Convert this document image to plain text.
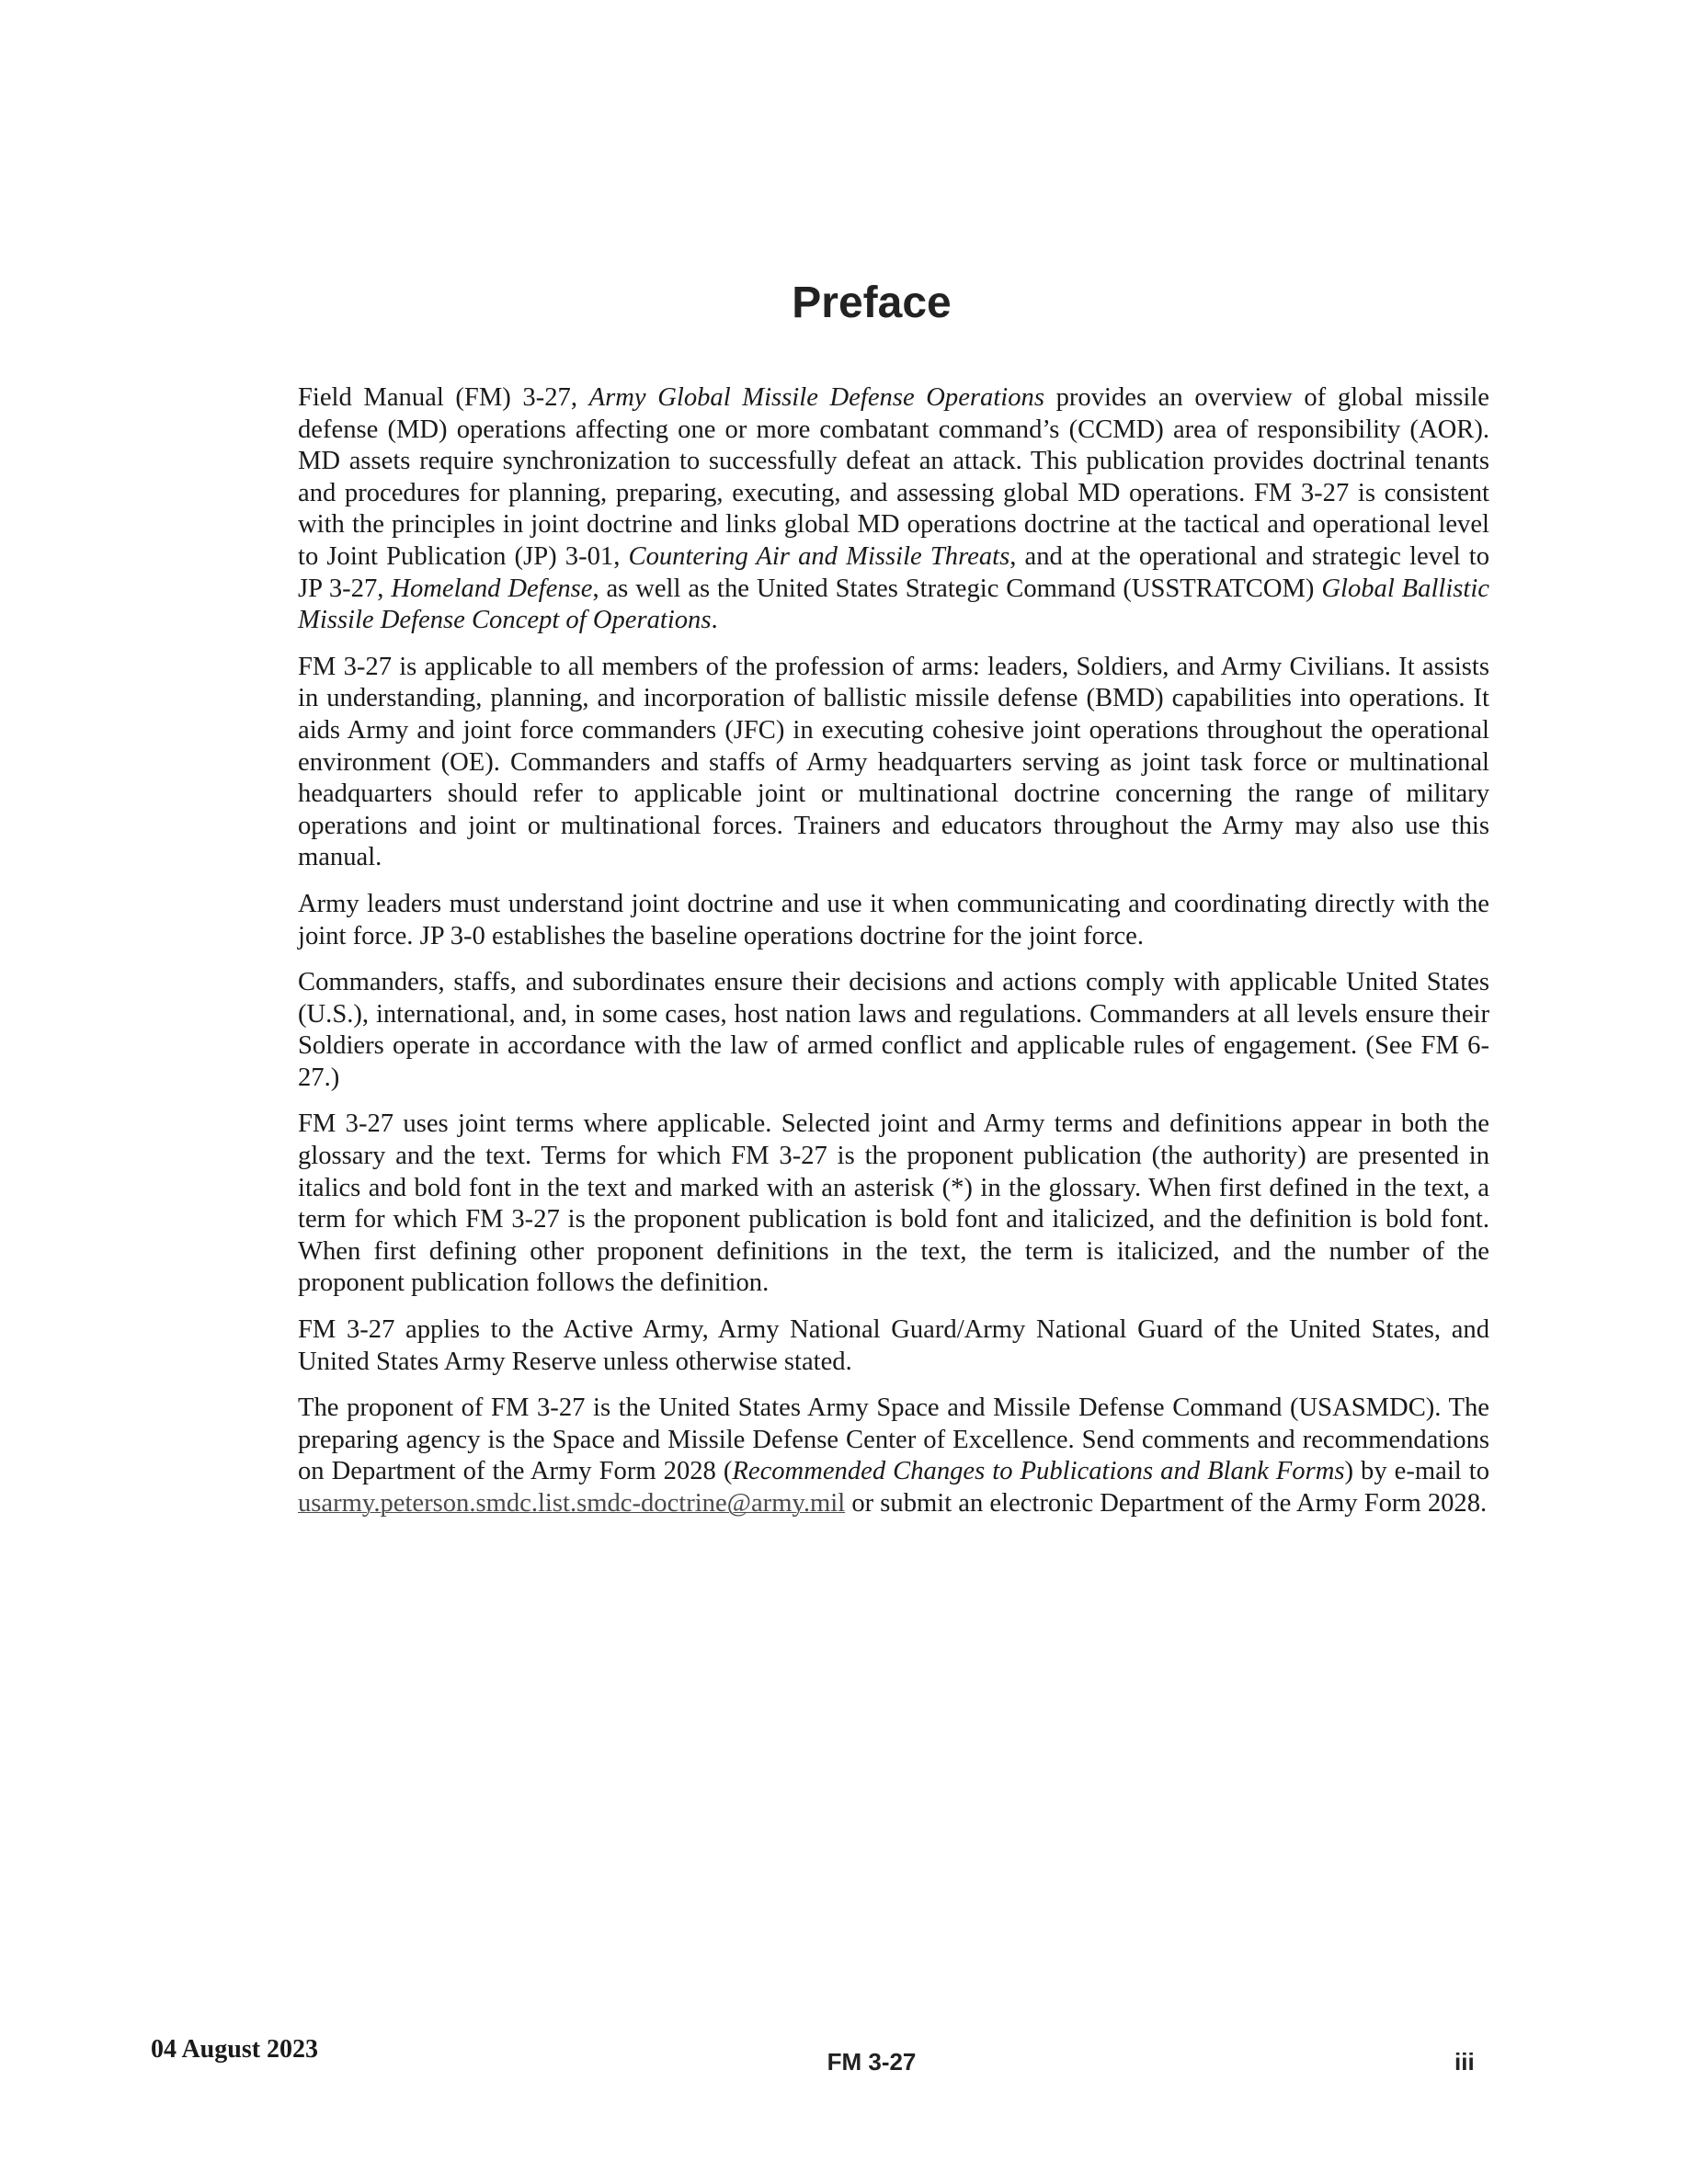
Preface

Field Manual (FM) 3-27, Army Global Missile Defense Operations provides an overview of global missile defense (MD) operations affecting one or more combatant command’s (CCMD) area of responsibility (AOR). MD assets require synchronization to successfully defeat an attack. This publication provides doctrinal tenants and procedures for planning, preparing, executing, and assessing global MD operations. FM 3-27 is consistent with the principles in joint doctrine and links global MD operations doctrine at the tactical and operational level to Joint Publication (JP) 3-01, Countering Air and Missile Threats, and at the operational and strategic level to JP 3-27, Homeland Defense, as well as the United States Strategic Command (USSTRATCOM) Global Ballistic Missile Defense Concept of Operations.

FM 3-27 is applicable to all members of the profession of arms: leaders, Soldiers, and Army Civilians. It assists in understanding, planning, and incorporation of ballistic missile defense (BMD) capabilities into operations. It aids Army and joint force commanders (JFC) in executing cohesive joint operations throughout the operational environment (OE). Commanders and staffs of Army headquarters serving as joint task force or multinational headquarters should refer to applicable joint or multinational doctrine concerning the range of military operations and joint or multinational forces. Trainers and educators throughout the Army may also use this manual.

Army leaders must understand joint doctrine and use it when communicating and coordinating directly with the joint force. JP 3-0 establishes the baseline operations doctrine for the joint force.

Commanders, staffs, and subordinates ensure their decisions and actions comply with applicable United States (U.S.), international, and, in some cases, host nation laws and regulations. Commanders at all levels ensure their Soldiers operate in accordance with the law of armed conflict and applicable rules of engagement. (See FM 6-27.)

FM 3-27 uses joint terms where applicable. Selected joint and Army terms and definitions appear in both the glossary and the text. Terms for which FM 3-27 is the proponent publication (the authority) are presented in italics and bold font in the text and marked with an asterisk (*) in the glossary. When first defined in the text, a term for which FM 3-27 is the proponent publication is bold font and italicized, and the definition is bold font. When first defining other proponent definitions in the text, the term is italicized, and the number of the proponent publication follows the definition.

FM 3-27 applies to the Active Army, Army National Guard/Army National Guard of the United States, and United States Army Reserve unless otherwise stated.

The proponent of FM 3-27 is the United States Army Space and Missile Defense Command (USASMDC). The preparing agency is the Space and Missile Defense Center of Excellence. Send comments and recommendations on Department of the Army Form 2028 (Recommended Changes to Publications and Blank Forms) by e-mail to usarmy.peterson.smdc.list.smdc-doctrine@army.mil or submit an electronic Department of the Army Form 2028.

04 August 2023	FM 3-27	iii
